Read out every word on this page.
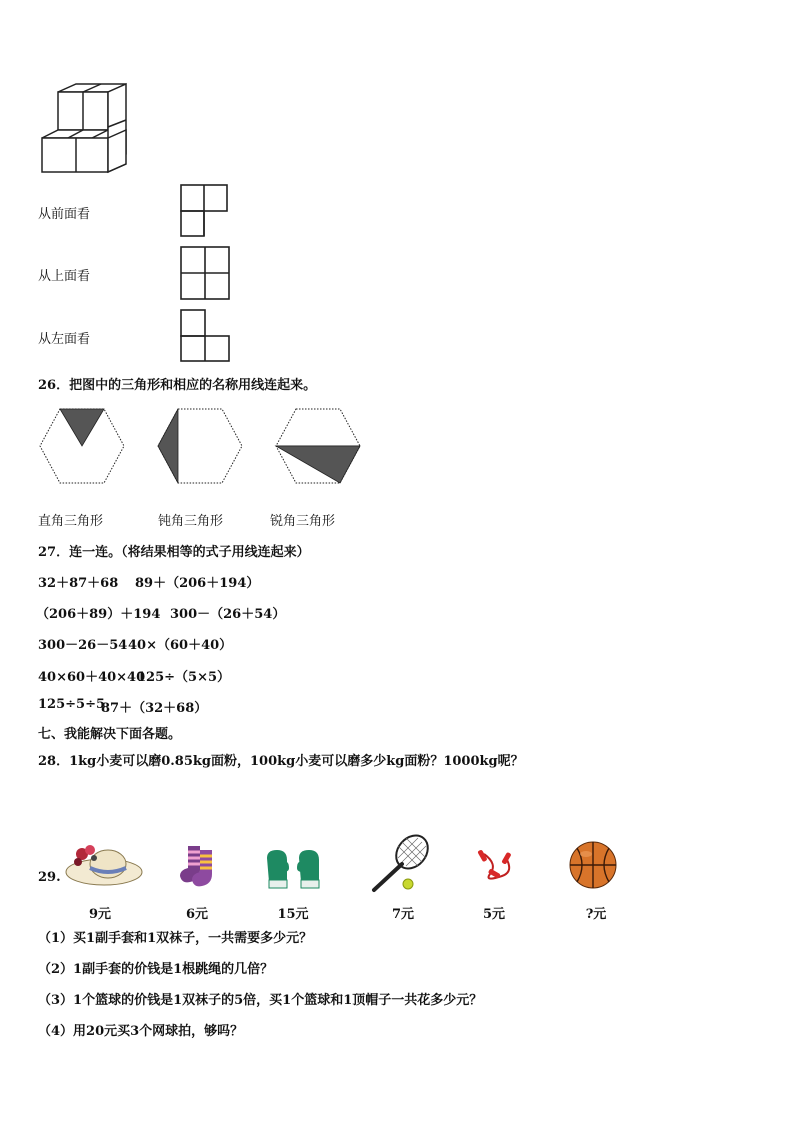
从前面看
从上面看
从左面看
26．把图中的三角形和相应的名称用线连起来。
直角三角形	钝角三角形	锐角三角形
27．连一连。（将结果相等的式子用线连起来）
32＋87＋68 89＋（206＋194）
（206＋89）＋194 300－（26＋54）
300－26－54 40×（60＋40）
40×60＋40×40
125÷（5×5）
125÷5÷5
87＋（32＋68）
七、我能解决下面各题。
28．1kg小麦可以磨0.85kg面粉，100kg小麦可以磨多少kg面粉？1000kg呢？
29.
9元	6元	15元	7元	5元	?元
（1）买1副手套和1双袜子，一共需要多少元？
（2）1副手套的价钱是1根跳绳的几倍？
（3）1个篮球的价钱是1双袜子的5倍，买1个篮球和1顶帽子一共花多少元？
（4）用20元买3个网球拍，够吗？
